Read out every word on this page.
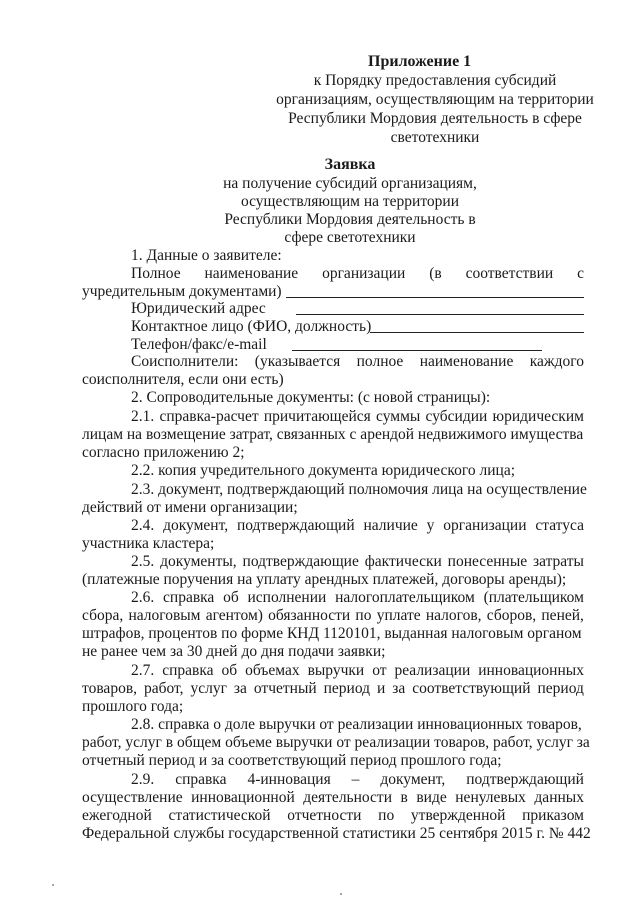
Приложение 1
к Порядку предоставления субсидий
организациям, осуществляющим на территории
Республики Мордовия деятельность в сфере
светотехники
Заявка
на получение субсидий организациям,
осуществляющим на территории
Республики Мордовия деятельность в
сфере светотехники
1. Данные о заявителе:
Полное наименование организации (в соответствии с
учредительным документами)
Юридический адрес
Контактное лицо (ФИО, должность)
Телефон/факс/e-mail
Соисполнители: (указывается полное наименование каждого
соисполнителя, если они есть)
2. Сопроводительные документы: (с новой страницы):
2.1. справка-расчет причитающейся суммы субсидии юридическим
лицам на возмещение затрат, связанных с арендой недвижимого имущества
согласно приложению 2;
2.2. копия учредительного документа юридического лица;
2.3. документ, подтверждающий полномочия лица на осуществление
действий от имени организации;
2.4. документ, подтверждающий наличие у организации статуса
участника кластера;
2.5. документы, подтверждающие фактически понесенные затраты
(платежные поручения на уплату арендных платежей, договоры аренды);
2.6. справка об исполнении налогоплательщиком (плательщиком
сбора, налоговым агентом) обязанности по уплате налогов, сборов, пеней,
штрафов, процентов по форме КНД 1120101, выданная налоговым органом
не ранее чем за 30 дней до дня подачи заявки;
2.7. справка об объемах выручки от реализации инновационных
товаров, работ, услуг за отчетный период и за соответствующий период
прошлого года;
2.8. справка о доле выручки от реализации инновационных товаров,
работ, услуг в общем объеме выручки от реализации товаров, работ, услуг за
отчетный период и за соответствующий период прошлого года;
2.9. справка 4-инновация – документ, подтверждающий
осуществление инновационной деятельности в виде ненулевых данных
ежегодной статистической отчетности по утвержденной приказом
Федеральной службы государственной статистики 25 сентября 2015 г. № 442
